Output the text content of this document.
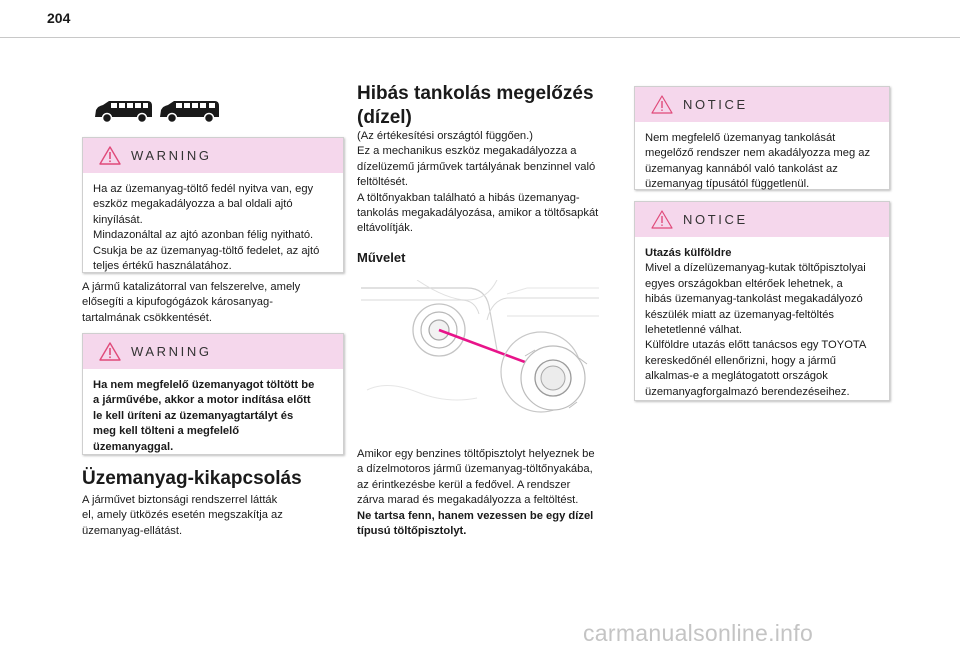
204
WARNING
Ha az üzemanyag-töltő fedél nyitva van, egy
eszköz megakadályozza a bal oldali ajtó
kinyílását.
Mindazonáltal az ajtó azonban félig nyitható.
Csukja be az üzemanyag-töltő fedelet, az ajtó
teljes értékű használatához.
A jármű katalizátorral van felszerelve, amely
elősegíti a kipufogógázok károsanyag-
tartalmának csökkentését.
WARNING
Ha nem megfelelő üzemanyagot töltött be
a járművébe, akkor a motor indítása előtt
le kell üríteni az üzemanyagtartályt és
meg kell tölteni a megfelelő
üzemanyaggal.
Üzemanyag-kikapcsolás
A járművet biztonsági rendszerrel látták
el, amely ütközés esetén megszakítja az
üzemanyag-ellátást.
Hibás tankolás megelőzés
(dízel)
(Az értékesítési országtól függően.)
Ez a mechanikus eszköz megakadályozza a
dízelüzemű járművek tartályának benzinnel való
feltöltését.
A töltőnyakban található a hibás üzemanyag-
tankolás megakadályozása, amikor a töltősapkát
eltávolítják.
Művelet
Amikor egy benzines töltőpisztolyt helyeznek be
a dízelmotoros jármű üzemanyag-töltőnyakába,
az érintkezésbe kerül a fedővel. A rendszer
zárva marad és megakadályozza a feltöltést.
Ne tartsa fenn, hanem vezessen be egy dízel
típusú töltőpisztolyt.
NOTICE
Nem megfelelő üzemanyag tankolását
megelőző rendszer nem akadályozza meg az
üzemanyag kannából való tankolást az
üzemanyag típusától függetlenül.
NOTICE
Utazás külföldre
Mivel a dízelüzemanyag-kutak töltőpisztolyai
egyes országokban eltérőek lehetnek, a
hibás üzemanyag-tankolást megakadályozó
készülék miatt az üzemanyag-feltöltés
lehetetlenné válhat.
Külföldre utazás előtt tanácsos egy TOYOTA
kereskedőnél ellenőrizni, hogy a jármű
alkalmas-e a meglátogatott országok
üzemanyagforgalmazó berendezéseihez.
carmanualsonline.info
